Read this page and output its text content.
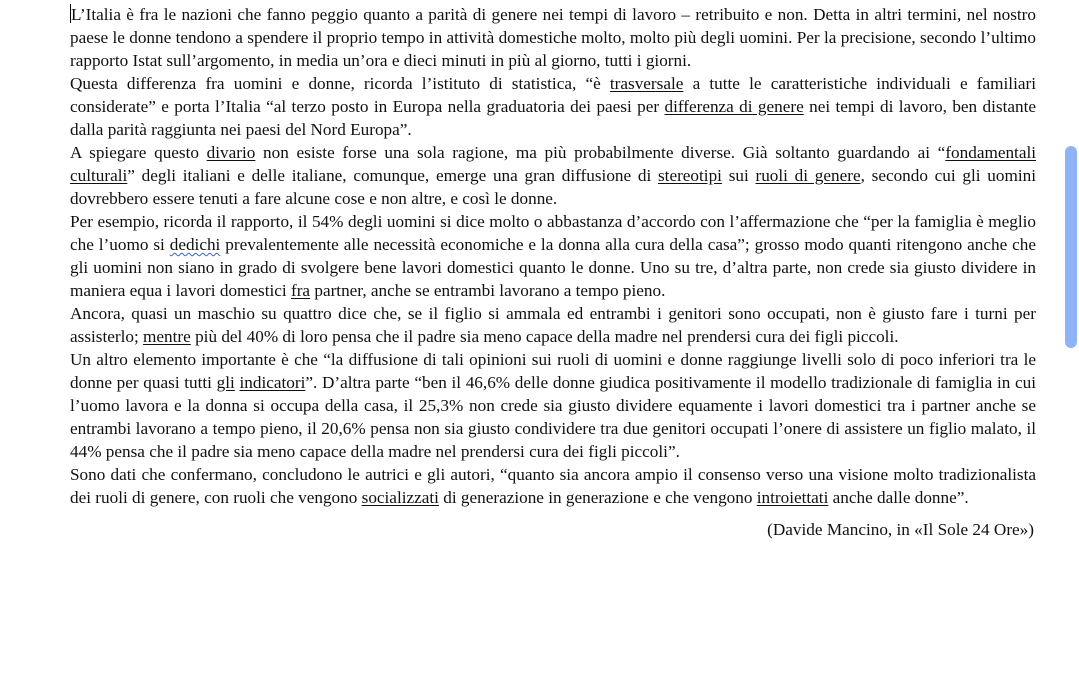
L’Italia è fra le nazioni che fanno peggio quanto a parità di genere nei tempi di lavoro – retribuito e non. Detta in altri termini, nel nostro paese le donne tendono a spendere il proprio tempo in attività domestiche molto, molto più degli uomini. Per la precisione, secondo l’ultimo rapporto Istat sull’argomento, in media un’ora e dieci minuti in più al giorno, tutti i giorni.

Questa differenza fra uomini e donne, ricorda l’istituto di statistica, “è trasversale a tutte le caratteristiche individuali e familiari considerate” e porta l’Italia “al terzo posto in Europa nella graduatoria dei paesi per differenza di genere nei tempi di lavoro, ben distante dalla parità raggiunta nei paesi del Nord Europa”.

A spiegare questo divario non esiste forse una sola ragione, ma più probabilmente diverse. Già soltanto guardando ai “fondamentali culturali” degli italiani e delle italiane, comunque, emerge una gran diffusione di stereotipi sui ruoli di genere, secondo cui gli uomini dovrebbero essere tenuti a fare alcune cose e non altre, e così le donne.

Per esempio, ricorda il rapporto, il 54% degli uomini si dice molto o abbastanza d’accordo con l’affermazione che “per la famiglia è meglio che l’uomo si dedichi prevalentemente alle necessità economiche e la donna alla cura della casa”; grosso modo quanti ritengono anche che gli uomini non siano in grado di svolgere bene lavori domestici quanto le donne. Uno su tre, d’altra parte, non crede sia giusto dividere in maniera equa i lavori domestici fra partner, anche se entrambi lavorano a tempo pieno.

Ancora, quasi un maschio su quattro dice che, se il figlio si ammala ed entrambi i genitori sono occupati, non è giusto fare i turni per assisterlo; mentre più del 40% di loro pensa che il padre sia meno capace della madre nel prendersi cura dei figli piccoli.

Un altro elemento importante è che “la diffusione di tali opinioni sui ruoli di uomini e donne raggiunge livelli solo di poco inferiori tra le donne per quasi tutti gli indicatori”. D’altra parte “ben il 46,6% delle donne giudica positivamente il modello tradizionale di famiglia in cui l’uomo lavora e la donna si occupa della casa, il 25,3% non crede sia giusto dividere equamente i lavori domestici tra i partner anche se entrambi lavorano a tempo pieno, il 20,6% pensa non sia giusto condividere tra due genitori occupati l’onere di assistere un figlio malato, il 44% pensa che il padre sia meno capace della madre nel prendersi cura dei figli piccoli”.

Sono dati che confermano, concludono le autrici e gli autori, “quanto sia ancora ampio il consenso verso una visione molto tradizionalista dei ruoli di genere, con ruoli che vengono socializzati di generazione in generazione e che vengono introiettati anche dalle donne”.

(Davide Mancino, in «Il Sole 24 Ore»)
